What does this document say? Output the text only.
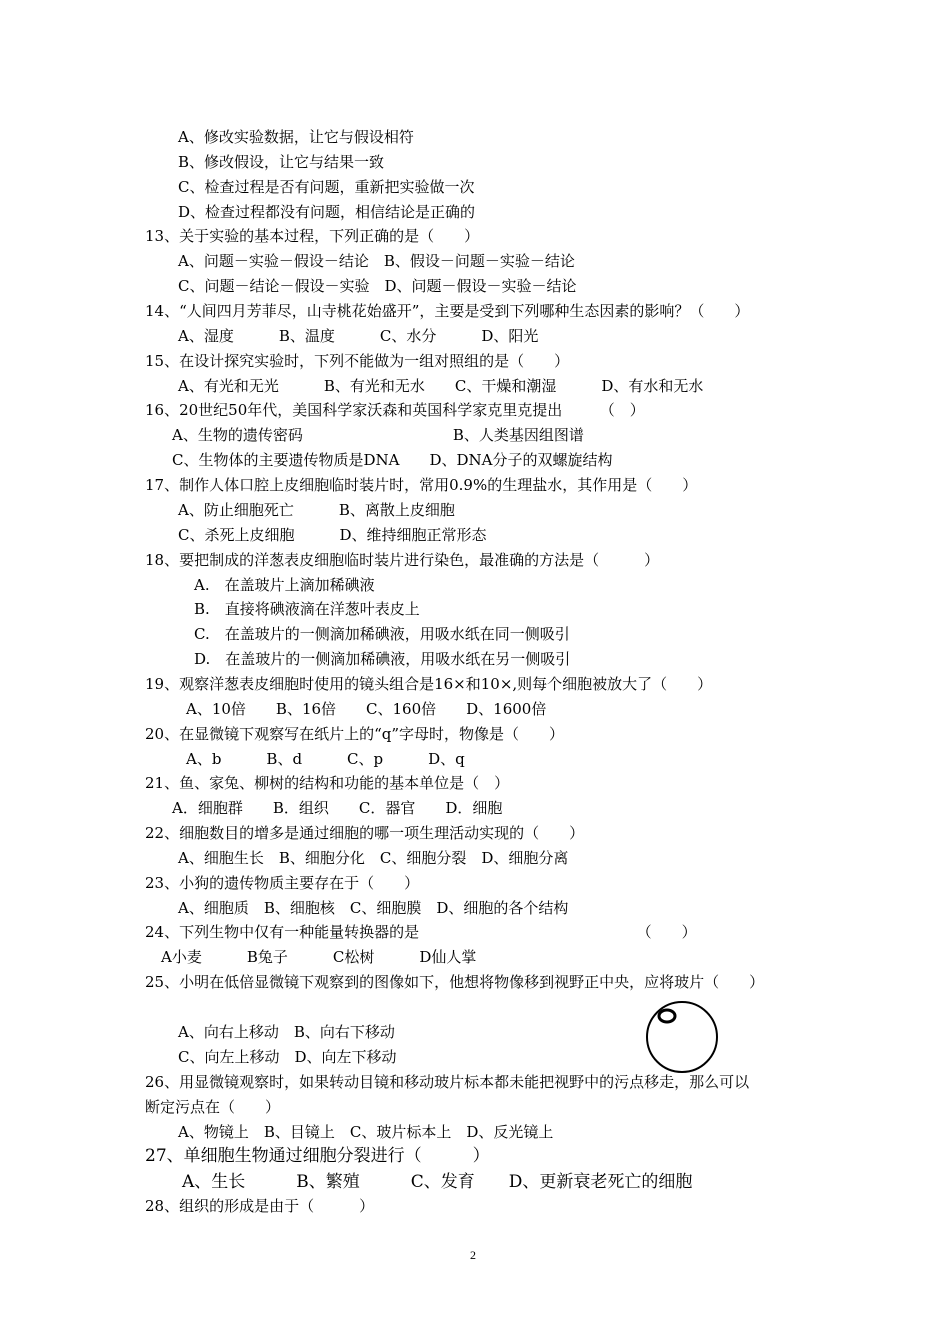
A、修改实验数据，让它与假设相符
B、修改假设，让它与结果一致
C、检查过程是否有问题，重新把实验做一次
D、检查过程都没有问题，相信结论是正确的
13、关于实验的基本过程，下列正确的是（　　）
A、问题－实验－假设－结论　B、假设－问题－实验－结论
C、问题－结论－假设－实验　D、问题－假设－实验－结论
14、“人间四月芳菲尽，山寺桃花始盛开”，主要是受到下列哪种生态因素的影响？（　　）
A、湿度　　　B、温度　　　C、水分　　　D、阳光
15、在设计探究实验时，下列不能做为一组对照组的是（　　）
A、有光和无光　　　B、有光和无水　　C、干燥和潮湿　　　D、有水和无水
16、20世纪50年代，美国科学家沃森和英国科学家克里克提出　　　（　）
A、生物的遗传密码　　　　　　　　　　B、人类基因组图谱
C、生物体的主要遗传物质是DNA　　D、DNA分子的双螺旋结构
17、制作人体口腔上皮细胞临时装片时，常用0.9%的生理盐水，其作用是（　　）
A、防止细胞死亡　　　B、离散上皮细胞
C、杀死上皮细胞　　　D、维持细胞正常形态
18、要把制成的洋葱表皮细胞临时装片进行染色，最准确的方法是（　　　）
A.　在盖玻片上滴加稀碘液
B.　直接将碘液滴在洋葱叶表皮上
C.　在盖玻片的一侧滴加稀碘液，用吸水纸在同一侧吸引
D.　在盖玻片的一侧滴加稀碘液，用吸水纸在另一侧吸引
19、观察洋葱表皮细胞时使用的镜头组合是16×和10×,则每个细胞被放大了（　　）
A、10倍　　B、16倍　　C、160倍　　D、1600倍
20、在显微镜下观察写在纸片上的“q”字母时，物像是（　　）
A、b　　　B、d　　　C、p　　　D、q
21、鱼、家兔、柳树的结构和功能的基本单位是（　）
A．细胞群　　B．组织　　C．器官　　D．细胞
22、细胞数目的增多是通过细胞的哪一项生理活动实现的（　　）
A、细胞生长　B、细胞分化　C、细胞分裂　D、细胞分离
23、小狗的遗传物质主要存在于（　　）
A、细胞质　B、细胞核　C、细胞膜　D、细胞的各个结构
24、下列生物中仅有一种能量转换器的是　　　　　　　　　　　　　　　（　　）
A小麦　　　B兔子　　　C松树　　　D仙人掌
25、小明在低倍显微镜下观察到的图像如下，他想将物像移到视野正中央，应将玻片（　　）
A、向右上移动　B、向右下移动
C、向左上移动　D、向左下移动
26、用显微镜观察时，如果转动目镜和移动玻片标本都未能把视野中的污点移走，那么可以
断定污点在（　　）
A、物镜上　B、目镜上　C、玻片标本上　D、反光镜上
27、单细胞生物通过细胞分裂进行（　　　）
A、生长　　　B、繁殖　　　C、发育　　D、更新衰老死亡的细胞
28、组织的形成是由于（　　　）
2
